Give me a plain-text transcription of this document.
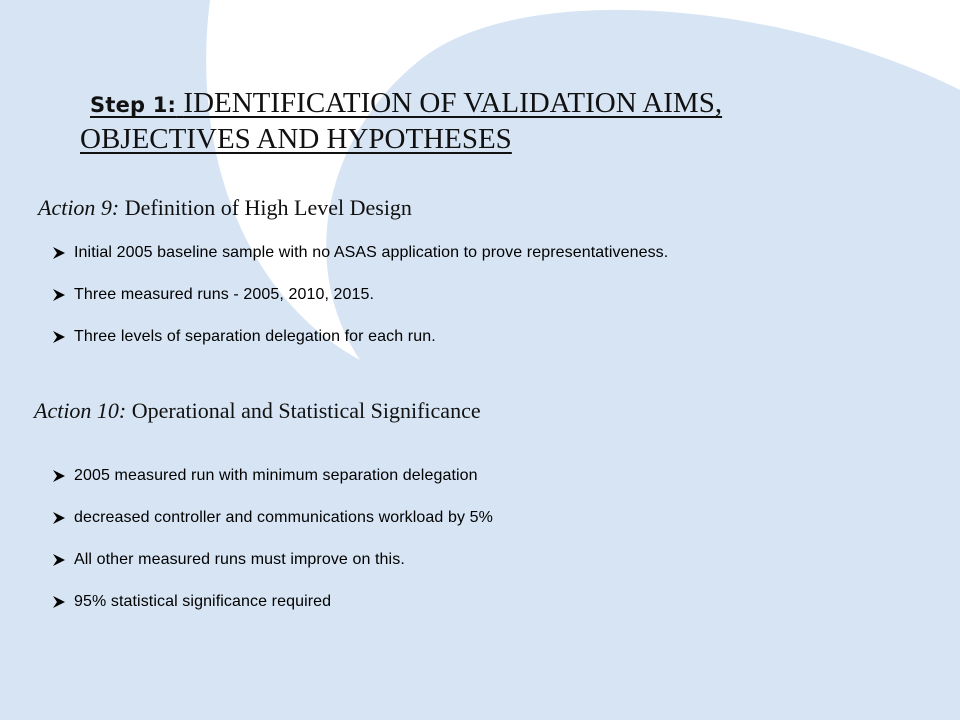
Step 1: IDENTIFICATION OF VALIDATION AIMS,
OBJECTIVES AND HYPOTHESES
Action 9: Definition of High Level Design
Initial 2005 baseline sample with no ASAS application to prove representativeness.
Three measured runs - 2005, 2010, 2015.
Three levels of separation delegation for each run.
Action 10: Operational and Statistical Significance
2005 measured run with minimum separation delegation
decreased controller and communications workload by 5%
All other measured runs must improve on this.
95% statistical significance required
